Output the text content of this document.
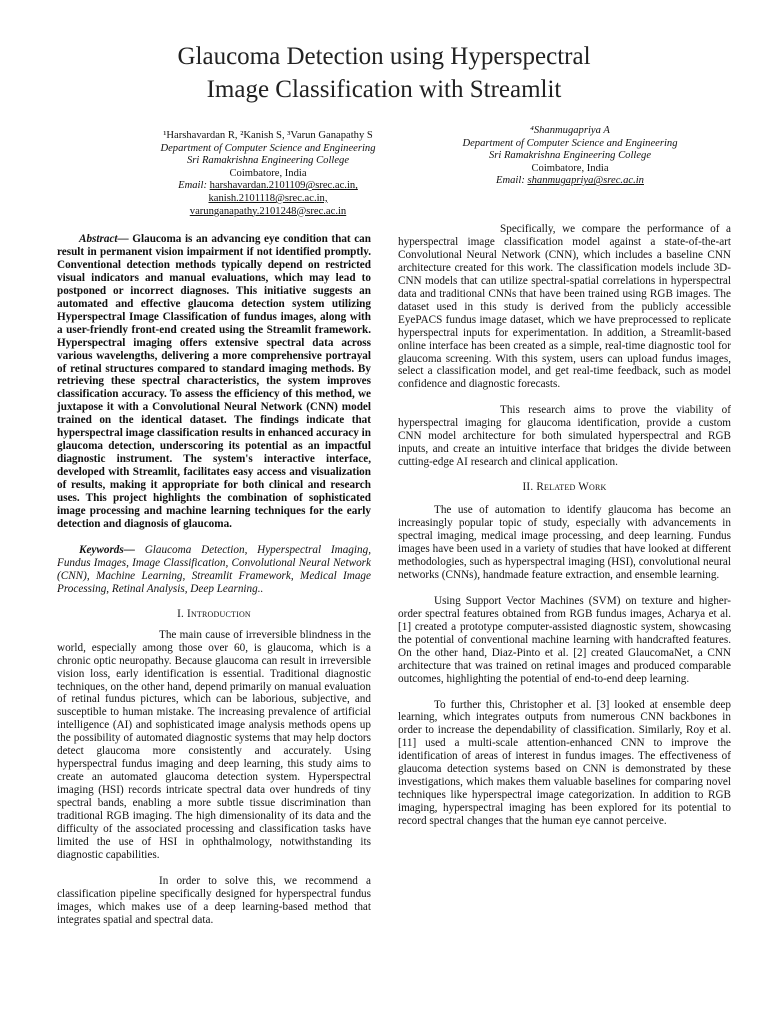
Glaucoma Detection using Hyperspectral
Image Classification with Streamlit
¹Harshavardan R, ²Kanish S, ³Varun Ganapathy S
Department of Computer Science and Engineering
Sri Ramakrishna Engineering College
Coimbatore, India
Email: harshavardan.2101109@srec.ac.in,
kanish.2101118@srec.ac.in,
varunganapathy.2101248@srec.ac.in
⁴Shanmugapriya A
Department of Computer Science and Engineering
Sri Ramakrishna Engineering College
Coimbatore, India
Email: shanmugapriya@srec.ac.in

Abstract— Glaucoma is an advancing eye condition that can result in permanent vision impairment if not identified promptly. Conventional detection methods typically depend on restricted visual indicators and manual evaluations, which may lead to postponed or incorrect diagnoses. This initiative suggests an automated and effective glaucoma detection system utilizing Hyperspectral Image Classification of fundus images, along with a user-friendly front-end created using the Streamlit framework. Hyperspectral imaging offers extensive spectral data across various wavelengths, delivering a more comprehensive portrayal of retinal structures compared to standard imaging methods. By retrieving these spectral characteristics, the system improves classification accuracy. To assess the efficiency of this method, we juxtapose it with a Convolutional Neural Network (CNN) model trained on the identical dataset. The findings indicate that hyperspectral image classification results in enhanced accuracy in glaucoma detection, underscoring its potential as an impactful diagnostic instrument. The system's interactive interface, developed with Streamlit, facilitates easy access and visualization of results, making it appropriate for both clinical and research uses. This project highlights the combination of sophisticated image processing and machine learning techniques for the early detection and diagnosis of glaucoma.

Keywords— Glaucoma Detection, Hyperspectral Imaging, Fundus Images, Image Classification, Convolutional Neural Network (CNN), Machine Learning, Streamlit Framework, Medical Image Processing, Retinal Analysis, Deep Learning..

I. Introduction

The main cause of irreversible blindness in the world, especially among those over 60, is glaucoma, which is a chronic optic neuropathy. Because glaucoma can result in irreversible vision loss, early identification is essential. Traditional diagnostic techniques, on the other hand, depend primarily on manual evaluation of retinal fundus pictures, which can be laborious, subjective, and susceptible to human mistake. The increasing prevalence of artificial intelligence (AI) and sophisticated image analysis methods opens up the possibility of automated diagnostic systems that may help doctors detect glaucoma more consistently and accurately. Using hyperspectral fundus imaging and deep learning, this study aims to create an automated glaucoma detection system. Hyperspectral imaging (HSI) records intricate spectral data over hundreds of tiny spectral bands, enabling a more subtle tissue discrimination than traditional RGB imaging. The high dimensionality of its data and the difficulty of the associated processing and classification tasks have limited the use of HSI in ophthalmology, notwithstanding its diagnostic capabilities.

In order to solve this, we recommend a classification pipeline specifically designed for hyperspectral fundus images, which makes use of a deep learning-based method that integrates spatial and spectral data.

Specifically, we compare the performance of a hyperspectral image classification model against a state-of-the-art Convolutional Neural Network (CNN), which includes a baseline CNN architecture created for this work. The classification models include 3D-CNN models that can utilize spectral-spatial correlations in hyperspectral data and traditional CNNs that have been trained using RGB images. The dataset used in this study is derived from the publicly accessible EyePACS fundus image dataset, which we have preprocessed to replicate hyperspectral inputs for experimentation. In addition, a Streamlit-based online interface has been created as a simple, real-time diagnostic tool for glaucoma screening. With this system, users can upload fundus images, select a classification model, and get real-time feedback, such as model confidence and diagnostic forecasts.

This research aims to prove the viability of hyperspectral imaging for glaucoma identification, provide a custom CNN model architecture for both simulated hyperspectral and RGB inputs, and create an intuitive interface that bridges the divide between cutting-edge AI research and clinical application.

II. Related Work

The use of automation to identify glaucoma has become an increasingly popular topic of study, especially with advancements in spectral imaging, medical image processing, and deep learning. Fundus images have been used in a variety of studies that have looked at different methodologies, such as hyperspectral imaging (HSI), convolutional neural networks (CNNs), handmade feature extraction, and ensemble learning.

Using Support Vector Machines (SVM) on texture and higher-order spectral features obtained from RGB fundus images, Acharya et al. [1] created a prototype computer-assisted diagnostic system, showcasing the potential of conventional machine learning with handcrafted features. On the other hand, Diaz-Pinto et al. [2] created GlaucomaNet, a CNN architecture that was trained on retinal images and produced comparable outcomes, highlighting the potential of end-to-end deep learning.

To further this, Christopher et al. [3] looked at ensemble deep learning, which integrates outputs from numerous CNN backbones in order to increase the dependability of classification. Similarly, Roy et al. [11] used a multi-scale attention-enhanced CNN to improve the identification of areas of interest in fundus images. The effectiveness of glaucoma detection systems based on CNN is demonstrated by these investigations, which makes them valuable baselines for comparing novel techniques like hyperspectral image categorization. In addition to RGB imaging, hyperspectral imaging has been explored for its potential to record spectral changes that the human eye cannot perceive.
